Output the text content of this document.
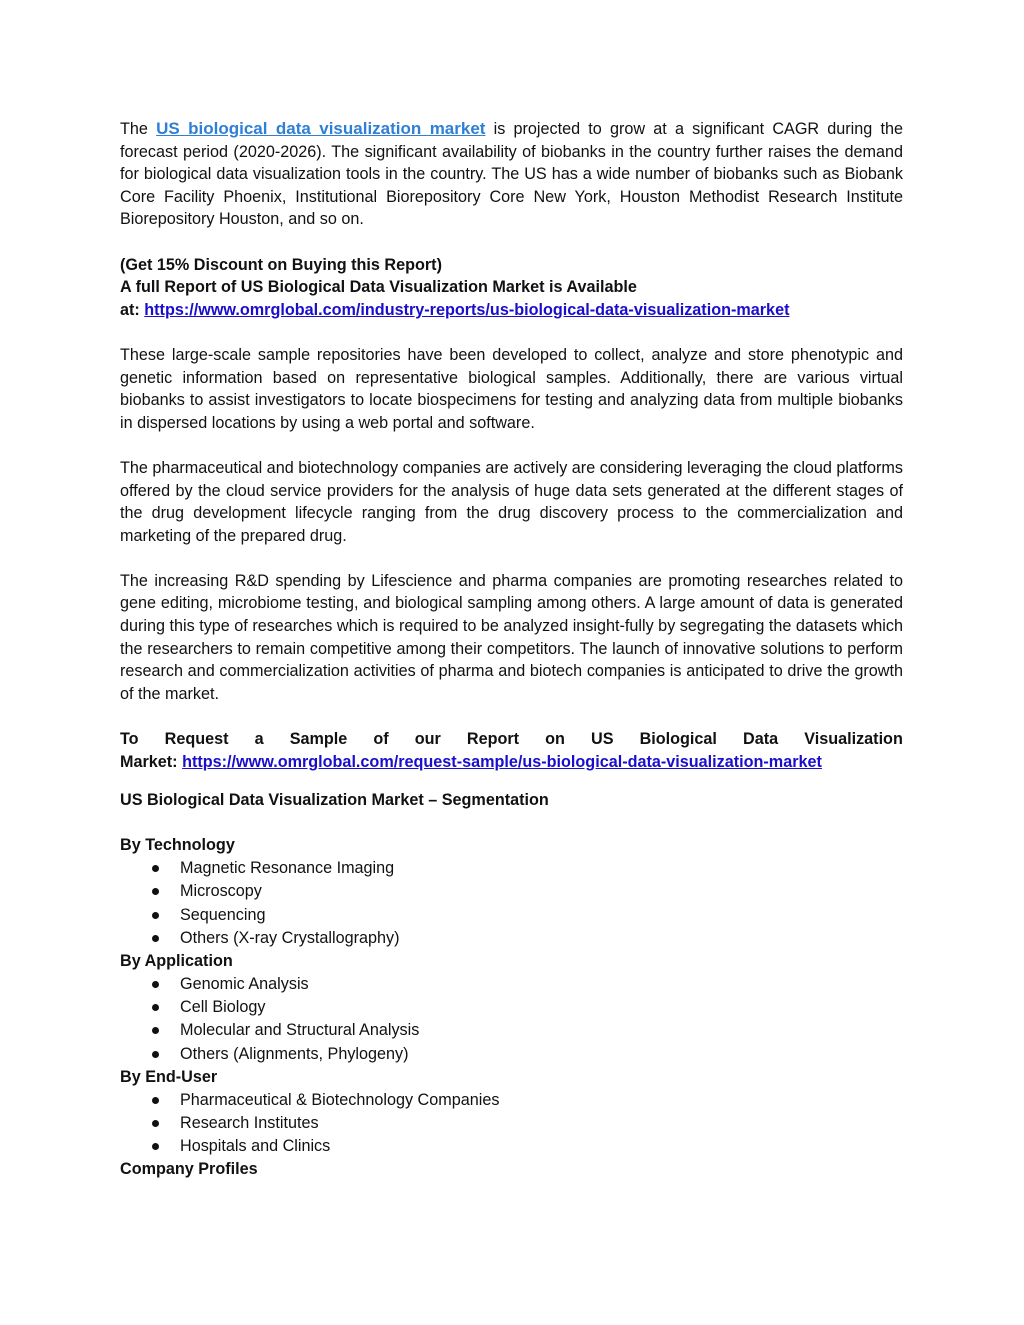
The US biological data visualization market is projected to grow at a significant CAGR during the forecast period (2020-2026). The significant availability of biobanks in the country further raises the demand for biological data visualization tools in the country. The US has a wide number of biobanks such as Biobank Core Facility Phoenix, Institutional Biorepository Core New York, Houston Methodist Research Institute Biorepository Houston, and so on.

(Get 15% Discount on Buying this Report)
A full Report of US Biological Data Visualization Market is Available
at: https://www.omrglobal.com/industry-reports/us-biological-data-visualization-market

These large-scale sample repositories have been developed to collect, analyze and store phenotypic and genetic information based on representative biological samples. Additionally, there are various virtual biobanks to assist investigators to locate biospecimens for testing and analyzing data from multiple biobanks in dispersed locations by using a web portal and software.

The pharmaceutical and biotechnology companies are actively are considering leveraging the cloud platforms offered by the cloud service providers for the analysis of huge data sets generated at the different stages of the drug development lifecycle ranging from the drug discovery process to the commercialization and marketing of the prepared drug.

The increasing R&D spending by Lifescience and pharma companies are promoting researches related to gene editing, microbiome testing, and biological sampling among others. A large amount of data is generated during this type of researches which is required to be analyzed insight-fully by segregating the datasets which the researchers to remain competitive among their competitors. The launch of innovative solutions to perform research and commercialization activities of pharma and biotech companies is anticipated to drive the growth of the market.

To Request a Sample of our Report on US Biological Data Visualization
Market: https://www.omrglobal.com/request-sample/us-biological-data-visualization-market
US Biological Data Visualization Market – Segmentation
By Technology
Magnetic Resonance Imaging
Microscopy
Sequencing
Others (X-ray Crystallography)
By Application
Genomic Analysis
Cell Biology
Molecular and Structural Analysis
Others (Alignments, Phylogeny)
By End-User
Pharmaceutical & Biotechnology Companies
Research Institutes
Hospitals and Clinics
Company Profiles
